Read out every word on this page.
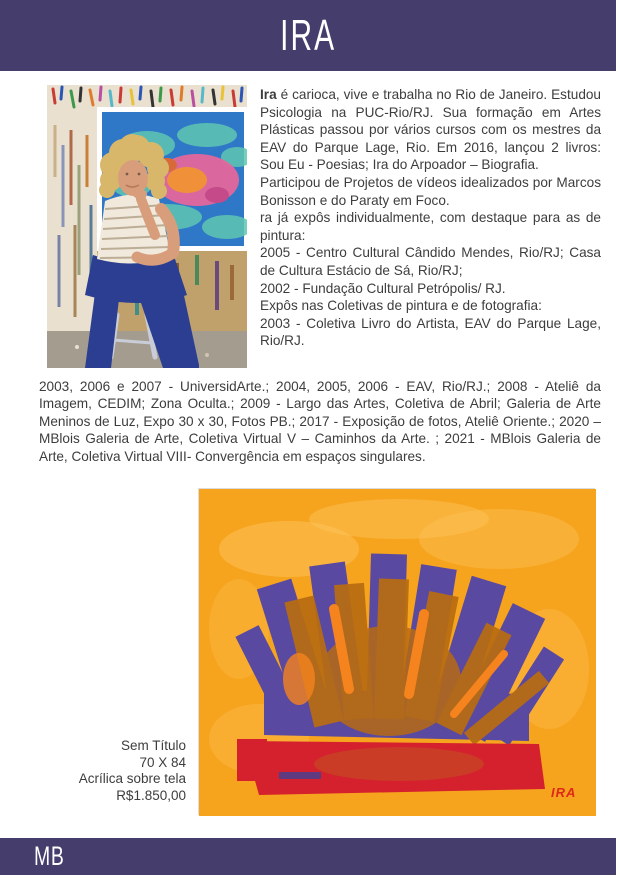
IRA

Ira é carioca, vive e trabalha no Rio de Janeiro. Estudou Psicologia na PUC-Rio/RJ. Sua formação em Artes Plásticas passou por vários cursos com os mestres da EAV do Parque Lage, Rio. Em 2016, lançou 2 livros: Sou Eu - Poesias; Ira do Arpoador – Biografia.

Participou de Projetos de vídeos idealizados por Marcos Bonisson e do Paraty em Foco.

ra já expôs individualmente, com destaque para as de pintura:

2005 - Centro Cultural Cândido Mendes, Rio/RJ; Casa de Cultura Estácio de Sá, Rio/RJ;

2002 - Fundação Cultural Petrópolis/ RJ.

Expôs nas Coletivas de pintura e de fotografia:

2003 - Coletiva Livro do Artista, EAV do Parque Lage, Rio/RJ.

2003, 2006 e 2007 - UniversidArte.; 2004, 2005, 2006 - EAV, Rio/RJ.; 2008 - Ateliê da Imagem, CEDIM; Zona Oculta.; 2009 - Largo das Artes, Coletiva de Abril; Galeria de Arte Meninos de Luz, Expo 30 x 30, Fotos PB.; 2017 - Exposição de fotos, Ateliê Oriente.; 2020 – MBlois Galeria de Arte, Coletiva Virtual V – Caminhos da Arte. ; 2021 - MBlois Galeria de Arte, Coletiva Virtual VIII- Convergência em espaços singulares.

Sem Título
70 X 84
Acrílica sobre tela
R$1.850,00	IRA
MB
